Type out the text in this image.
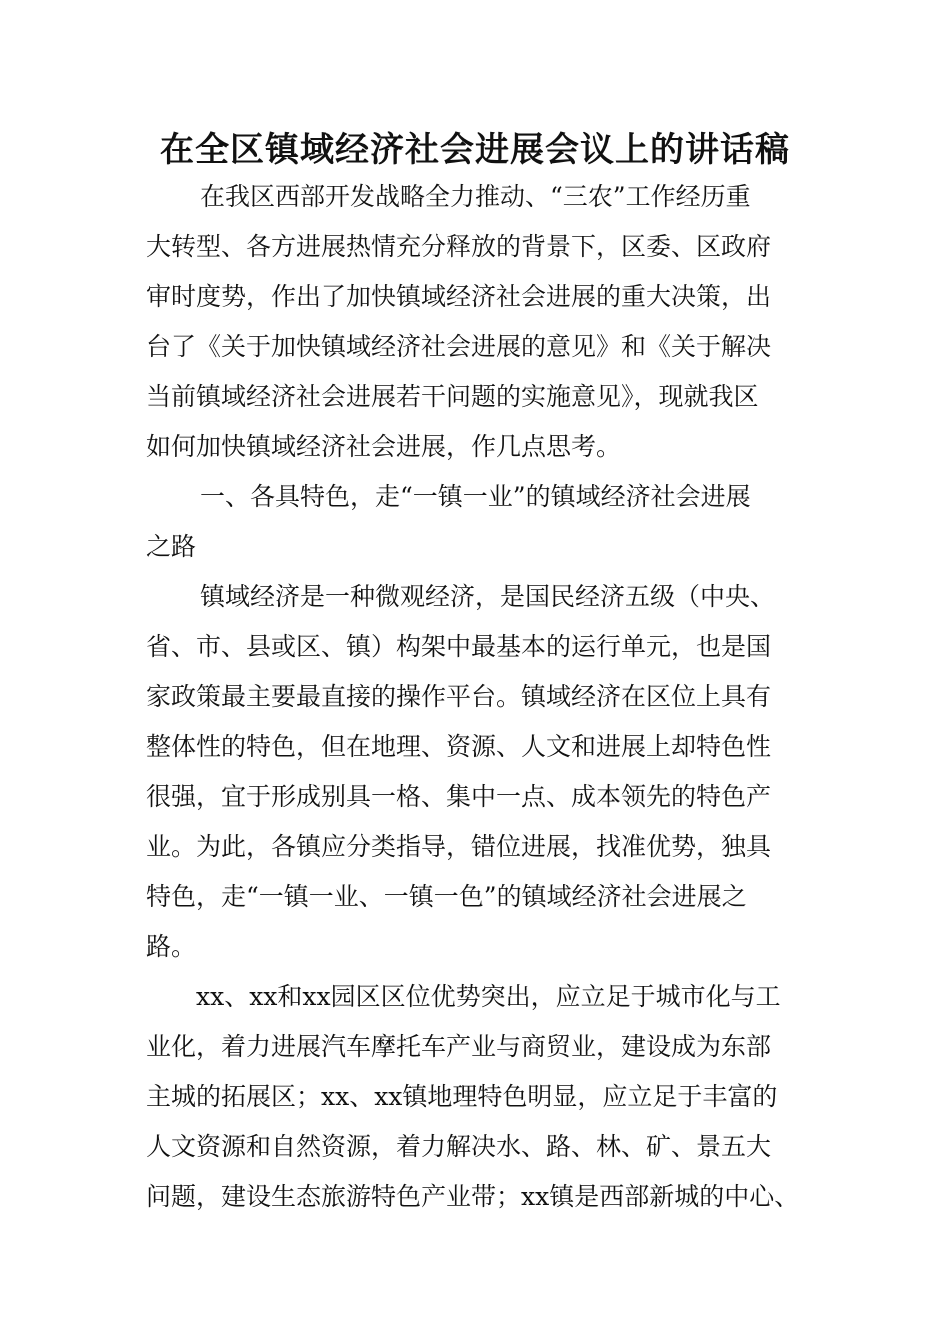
在全区镇域经济社会进展会议上的讲话稿

在我区西部开发战略全力推动、“三农”工作经历重

大转型、各方进展热情充分释放的背景下，区委、区政府

审时度势，作出了加快镇域经济社会进展的重大决策，出

台了《关于加快镇域经济社会进展的意见》和《关于解决

当前镇域经济社会进展若干问题的实施意见》，现就我区

如何加快镇域经济社会进展，作几点思考。

一、各具特色，走“一镇一业”的镇域经济社会进展

之路

镇域经济是一种微观经济，是国民经济五级（中央、

省、市、县或区、镇）构架中最基本的运行单元，也是国

家政策最主要最直接的操作平台。镇域经济在区位上具有

整体性的特色，但在地理、资源、人文和进展上却特色性

很强，宜于形成别具一格、集中一点、成本领先的特色产

业。为此，各镇应分类指导，错位进展，找准优势，独具

特色，走“一镇一业、一镇一色”的镇域经济社会进展之

路。

xx、xx和xx园区区位优势突出，应立足于城市化与工

业化，着力进展汽车摩托车产业与商贸业，建设成为东部

主城的拓展区；xx、xx镇地理特色明显，应立足于丰富的

人文资源和自然资源，着力解决水、路、林、矿、景五大

问题，建设生态旅游特色产业带；xx镇是西部新城的中心、
